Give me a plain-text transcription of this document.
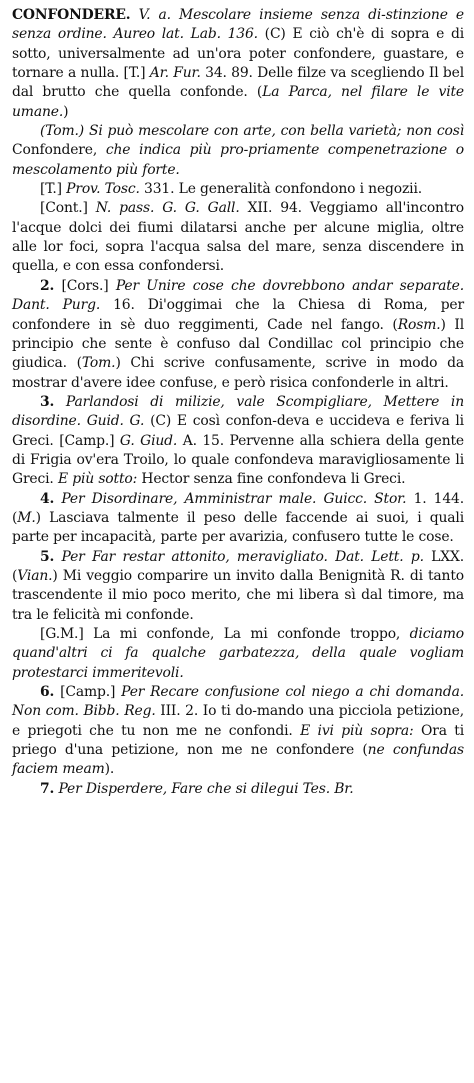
CONFONDERE. V. a. Mescolare insieme senza di-stinzione e senza ordine. Aureo lat. Lab. 136. (C) E ciò ch'è di sopra e di sotto, universalmente ad un'ora poter confondere, guastare, e tornare a nulla. [T.] Ar. Fur. 34. 89. Delle filze va scegliendo Il bel dal brutto che quella confonde. (La Parca, nel filare le vite umane.)

(Tom.) Si può mescolare con arte, con bella varietà; non così Confondere, che indica più pro-priamente compenetrazione o mescolamento più forte.

[T.] Prov. Tosc. 331. Le generalità confondono i negozii.

[Cont.] N. pass. G. G. Gall. XII. 94. Veggiamo all'incontro l'acque dolci dei fiumi dilatarsi anche per alcune miglia, oltre alle lor foci, sopra l'acqua salsa del mare, senza discendere in quella, e con essa confondersi.

2. [Cors.] Per Unire cose che dovrebbono andar separate. Dant. Purg. 16. Di'oggimai che la Chiesa di Roma, per confondere in sè duo reggimenti, Cade nel fango. (Rosm.) Il principio che sente è confuso dal Condillac col principio che giudica. (Tom.) Chi scrive confusamente, scrive in modo da mostrar d'avere idee confuse, e però risica confonderle in altri.

3. Parlandosi di milizie, vale Scompigliare, Mettere in disordine. Guid. G. (C) E così confon-deva e uccideva e feriva li Greci. [Camp.] G. Giud. A. 15. Pervenne alla schiera della gente di Frigia ov'era Troilo, lo quale confondeva maravigliosamente li Greci. E più sotto: Hector senza fine confondeva li Greci.

4. Per Disordinare, Amministrar male. Guicc. Stor. 1. 144. (M.) Lasciava talmente il peso delle faccende ai suoi, i quali parte per incapacità, parte per avarizia, confusero tutte le cose.

5. Per Far restar attonito, meravigliato. Dat. Lett. p. LXX. (Vian.) Mi veggio comparire un invito dalla Benignità R. di tanto trascendente il mio poco merito, che mi libera sì dal timore, ma tra le felicità mi confonde.

[G.M.] La mi confonde, La mi confonde troppo, diciamo quand'altri ci fa qualche garbatezza, della quale vogliam protestarci immeritevoli.

6. [Camp.] Per Recare confusione col niego a chi domanda. Non com. Bibb. Reg. III. 2. Io ti do-mando una picciola petizione, e priegoti che tu non me ne confondi. E ivi più sopra: Ora ti priego d'una petizione, non me ne confondere (ne confundas faciem meam).

7. Per Disperdere, Fare che si dilegui Tes. Br.
